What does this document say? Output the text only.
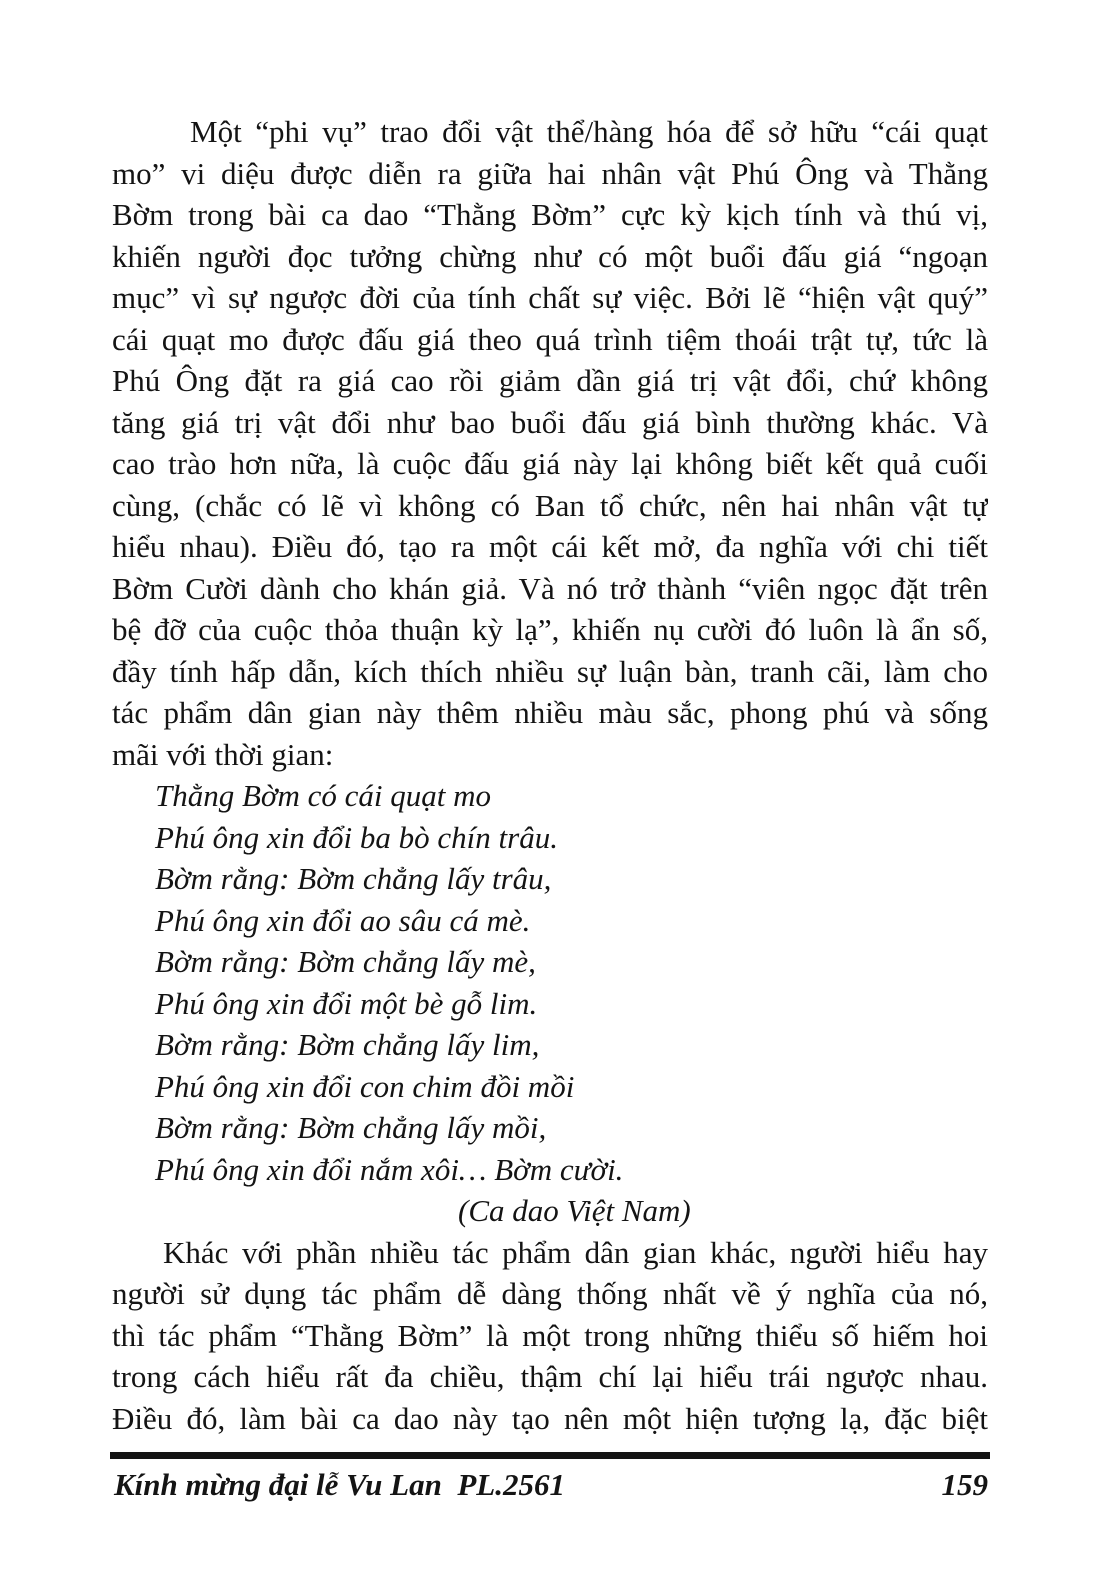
Một “phi vụ” trao đổi vật thể/hàng hóa để sở hữu “cái quạt
mo” vi diệu được diễn ra giữa hai nhân vật Phú Ông và Thằng
Bờm trong bài ca dao “Thằng Bờm” cực kỳ kịch tính và thú vị,
khiến người đọc tưởng chừng như có một buổi đấu giá “ngoạn
mục” vì sự ngược đời của tính chất sự việc. Bởi lẽ “hiện vật quý”
cái quạt mo được đấu giá theo quá trình tiệm thoái trật tự, tức là
Phú Ông đặt ra giá cao rồi giảm dần giá trị vật đổi, chứ không
tăng giá trị vật đổi như bao buổi đấu giá bình thường khác. Và
cao trào hơn nữa, là cuộc đấu giá này lại không biết kết quả cuối
cùng, (chắc có lẽ vì không có Ban tổ chức, nên hai nhân vật tự
hiểu nhau). Điều đó, tạo ra một cái kết mở, đa nghĩa với chi tiết
Bờm Cười dành cho khán giả. Và nó trở thành “viên ngọc đặt trên
bệ đỡ của cuộc thỏa thuận kỳ lạ”, khiến nụ cười đó luôn là ẩn số,
đầy tính hấp dẫn, kích thích nhiều sự luận bàn, tranh cãi, làm cho
tác phẩm dân gian này thêm nhiều màu sắc, phong phú và sống
mãi với thời gian:
Thằng Bờm có cái quạt mo
Phú ông xin đổi ba bò chín trâu.
Bờm rằng: Bờm chẳng lấy trâu,
Phú ông xin đổi ao sâu cá mè.
Bờm rằng: Bờm chẳng lấy mè,
Phú ông xin đổi một bè gỗ lim.
Bờm rằng: Bờm chẳng lấy lim,
Phú ông xin đổi con chim đồi mồi
Bờm rằng: Bờm chẳng lấy mồi,
Phú ông xin đổi nắm xôi… Bờm cười.
(Ca dao Việt Nam)
Khác với phần nhiều tác phẩm dân gian khác, người hiểu hay
người sử dụng tác phẩm dễ dàng thống nhất về ý nghĩa của nó,
thì tác phẩm “Thằng Bờm” là một trong những thiểu số hiếm hoi
trong cách hiểu rất đa chiều, thậm chí lại hiểu trái ngược nhau.
Điều đó, làm bài ca dao này tạo nên một hiện tượng lạ, đặc biệt
Kính mừng đại lễ Vu Lan  PL.2561	159
